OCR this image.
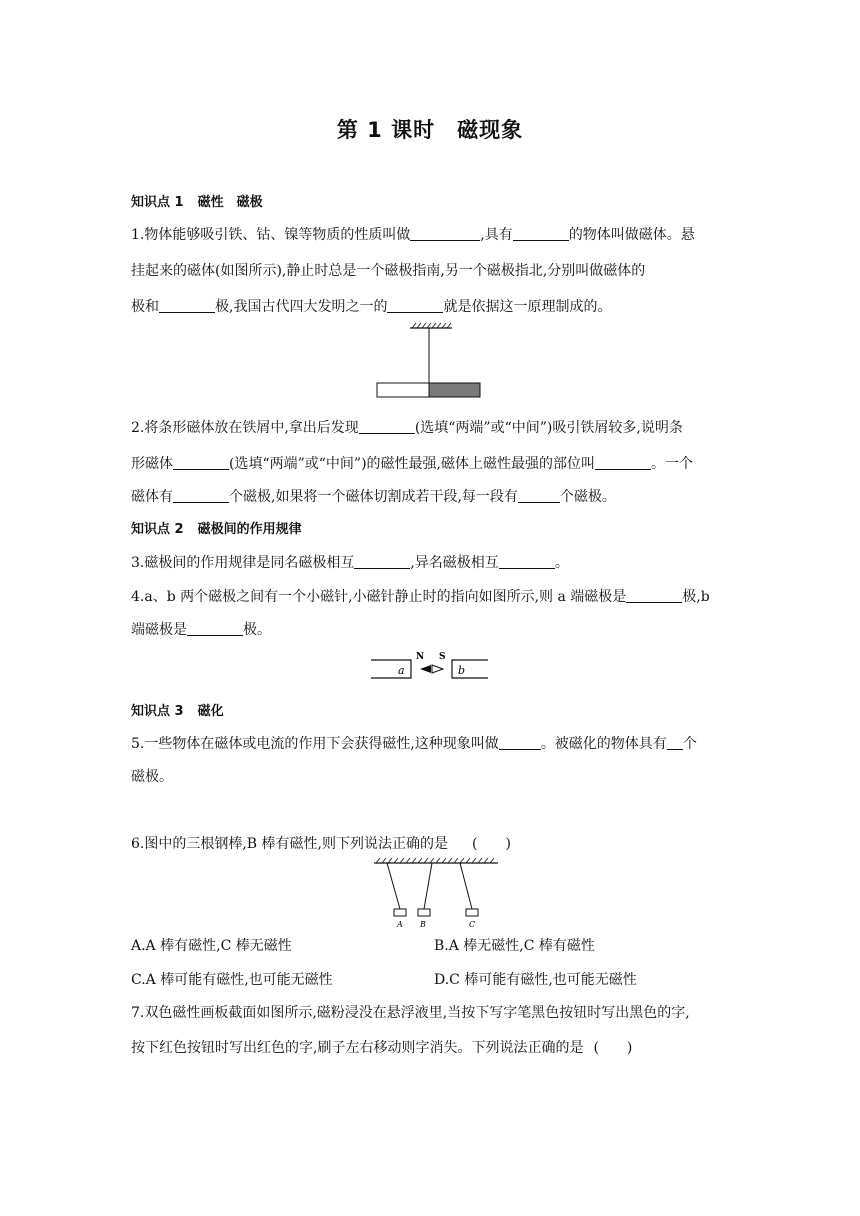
第 1 课时 磁现象
知识点 1 磁性　磁极
1.物体能够吸引铁、钴、镍等物质的性质叫做	,具有	的物体叫做磁体。悬
挂起来的磁体(如图所示),静止时总是一个磁极指南,另一个磁极指北,分别叫做磁体的
极和	极,我国古代四大发明之一的	就是依据这一原理制成的。
2.将条形磁体放在铁屑中,拿出后发现	(选填“两端”或“中间”)吸引铁屑较多,说明条
形磁体	(选填“两端”或“中间”)的磁性最强,磁体上磁性最强的部位叫	。一个
磁体有	个磁极,如果将一个磁体切割成若干段,每一段有	个磁极。
知识点 2 磁极间的作用规律
3.磁极间的作用规律是同名磁极相互	,异名磁极相互	。
4.a、b 两个磁极之间有一个小磁针,小磁针静止时的指向如图所示,则 a 端磁极是	极,b
端磁极是	极。
a	b
N S
知识点 3 磁化
5.一些物体在磁体或电流的作用下会获得磁性,这种现象叫做	。被磁化的物体具有 个
磁极。
6.图中的三根钢棒,B 棒有磁性,则下列说法正确的是 (　　)
A B	C
A.A 棒有磁性,C 棒无磁性	B.A 棒无磁性,C 棒有磁性
C.A 棒可能有磁性,也可能无磁性	D.C 棒可能有磁性,也可能无磁性
7.双色磁性画板截面如图所示,磁粉浸没在悬浮液里,当按下写字笔黑色按钮时写出黑色的字,
按下红色按钮时写出红色的字,刷子左右移动则字消失。下列说法正确的是 (　　)
